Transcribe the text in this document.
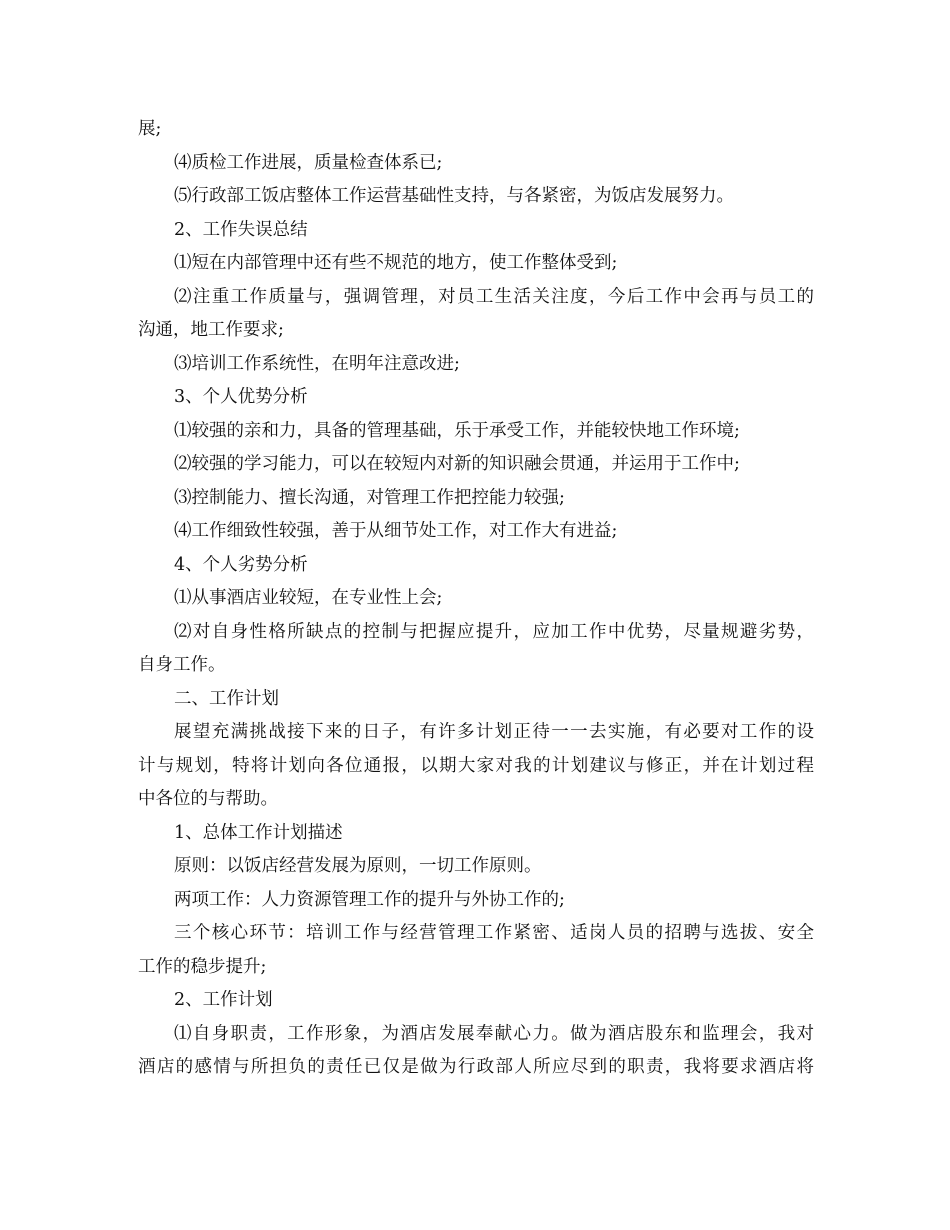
展;
⑷质检工作进展，质量检查体系已;
⑸行政部工饭店整体工作运营基础性支持，与各紧密，为饭店发展努力。
2、工作失误总结
⑴短在内部管理中还有些不规范的地方，使工作整体受到;
⑵注重工作质量与，强调管理，对员工生活关注度，今后工作中会再与员工的
沟通，地工作要求;
⑶培训工作系统性，在明年注意改进;
3、个人优势分析
⑴较强的亲和力，具备的管理基础，乐于承受工作，并能较快地工作环境;
⑵较强的学习能力，可以在较短内对新的知识融会贯通，并运用于工作中;
⑶控制能力、擅长沟通，对管理工作把控能力较强;
⑷工作细致性较强，善于从细节处工作，对工作大有进益;
4、个人劣势分析
⑴从事酒店业较短，在专业性上会;
⑵对自身性格所缺点的控制与把握应提升，应加工作中优势，尽量规避劣势，
自身工作。
二、工作计划
展望充满挑战接下来的日子，有许多计划正待一一去实施，有必要对工作的设
计与规划，特将计划向各位通报，以期大家对我的计划建议与修正，并在计划过程
中各位的与帮助。
1、总体工作计划描述
原则：以饭店经营发展为原则，一切工作原则。
两项工作：人力资源管理工作的提升与外协工作的;
三个核心环节：培训工作与经营管理工作紧密、适岗人员的招聘与选拔、安全
工作的稳步提升;
2、工作计划
⑴自身职责，工作形象，为酒店发展奉献心力。做为酒店股东和监理会，我对
酒店的感情与所担负的责任已仅是做为行政部人所应尽到的职责，我将要求酒店将
